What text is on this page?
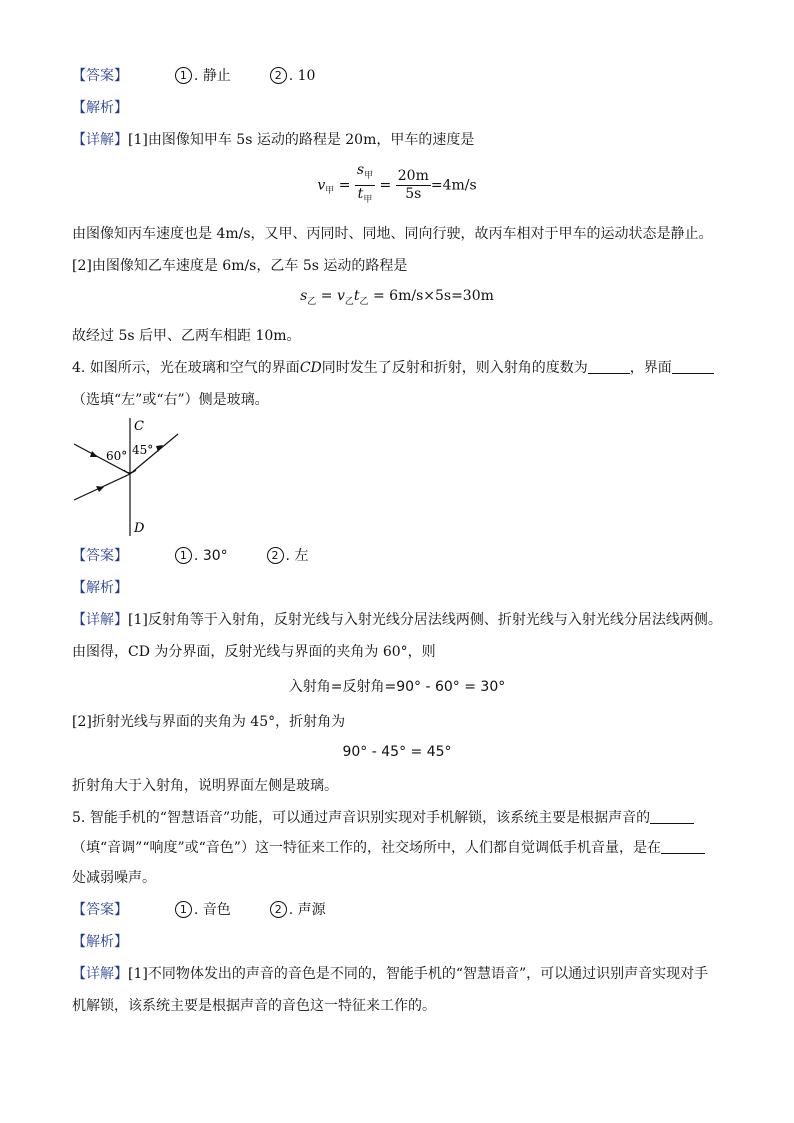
【答案】	1 . 静止	2 . 10
【解析】
【详解】[1]由图像知甲车 5s 运动的路程是 20m，甲车的速度是
$v_甲 = \frac{s_甲}{t_甲} = \frac{20m}{5s} =4m/s$
由图像知丙车速度也是 4m/s，又甲、丙同时、同地、同向行驶，故丙车相对于甲车的运动状态是静止。
[2]由图像知乙车速度是 6m/s，乙车 5s 运动的路程是
$s_乙 = v_乙t_乙 = 6m/s\times 5s=30m$
故经过 5s 后甲、乙两车相距 10m。
4. 如图所示，光在玻璃和空气的界面CD同时发生了反射和折射，则入射角的度数为	，界面
（选填“左”或“右”）侧是玻璃。
C
D
60° 45°
【答案】	1 . 30°	2 . 左
【解析】
【详解】[1]反射角等于入射角，反射光线与入射光线分居法线两侧、折射光线与入射光线分居法线两侧。
由图得，CD 为分界面，反射光线与界面的夹角为 60°，则
入射角=反射角=90° - 60° = 30°
[2]折射光线与界面的夹角为 45°，折射角为
90° - 45° = 45°
折射角大于入射角，说明界面左侧是玻璃。
5. 智能手机的“智慧语音”功能，可以通过声音识别实现对手机解锁，该系统主要是根据声音的
（填“音调”“响度”或“音色”）这一特征来工作的，社交场所中，人们都自觉调低手机音量，是在
处减弱噪声。
【答案】	1 . 音色	2 . 声源
【解析】
【详解】[1]不同物体发出的声音的音色是不同的，智能手机的“智慧语音”，可以通过识别声音实现对手
机解锁，该系统主要是根据声音的音色这一特征来工作的。
